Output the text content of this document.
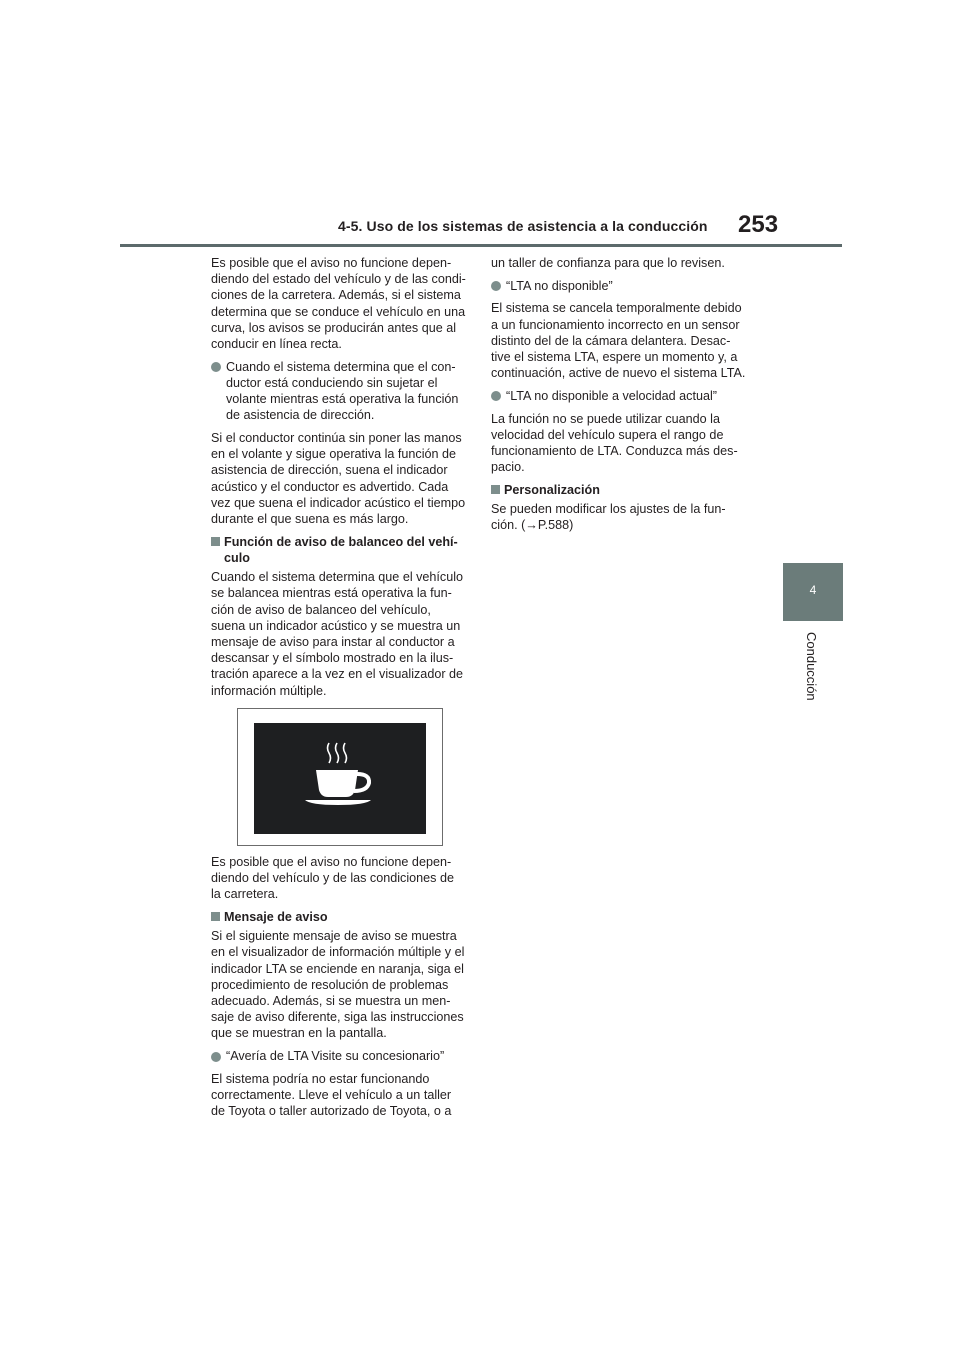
4-5. Uso de los sistemas de asistencia a la conducción 253
4
Conducción
Es posible que el aviso no funcione depen-
diendo del estado del vehículo y de las condi-
ciones de la carretera. Además, si el sistema
determina que se conduce el vehículo en una
curva, los avisos se producirán antes que al
conducir en línea recta.
Cuando el sistema determina que el con-
ductor está conduciendo sin sujetar el
volante mientras está operativa la función
de asistencia de dirección.
Si el conductor continúa sin poner las manos
en el volante y sigue operativa la función de
asistencia de dirección, suena el indicador
acústico y el conductor es advertido. Cada
vez que suena el indicador acústico el tiempo
durante el que suena es más largo.
Función de aviso de balanceo del vehí-
culo
Cuando el sistema determina que el vehículo
se balancea mientras está operativa la fun-
ción de aviso de balanceo del vehículo,
suena un indicador acústico y se muestra un
mensaje de aviso para instar al conductor a
descansar y el símbolo mostrado en la ilus-
tración aparece a la vez en el visualizador de
información múltiple.
Es posible que el aviso no funcione depen-
diendo del vehículo y de las condiciones de
la carretera.
Mensaje de aviso
Si el siguiente mensaje de aviso se muestra
en el visualizador de información múltiple y el
indicador LTA se enciende en naranja, siga el
procedimiento de resolución de problemas
adecuado. Además, si se muestra un men-
saje de aviso diferente, siga las instrucciones
que se muestran en la pantalla.
“Avería de LTA Visite su concesionario”
El sistema podría no estar funcionando
correctamente. Lleve el vehículo a un taller
de Toyota o taller autorizado de Toyota, o a
un taller de confianza para que lo revisen.
“LTA no disponible”
El sistema se cancela temporalmente debido
a un funcionamiento incorrecto en un sensor
distinto del de la cámara delantera. Desac-
tive el sistema LTA, espere un momento y, a
continuación, active de nuevo el sistema LTA.
“LTA no disponible a velocidad actual”
La función no se puede utilizar cuando la
velocidad del vehículo supera el rango de
funcionamiento de LTA. Conduzca más des-
pacio.
Personalización
Se pueden modificar los ajustes de la fun-
ción. (→P.588)
